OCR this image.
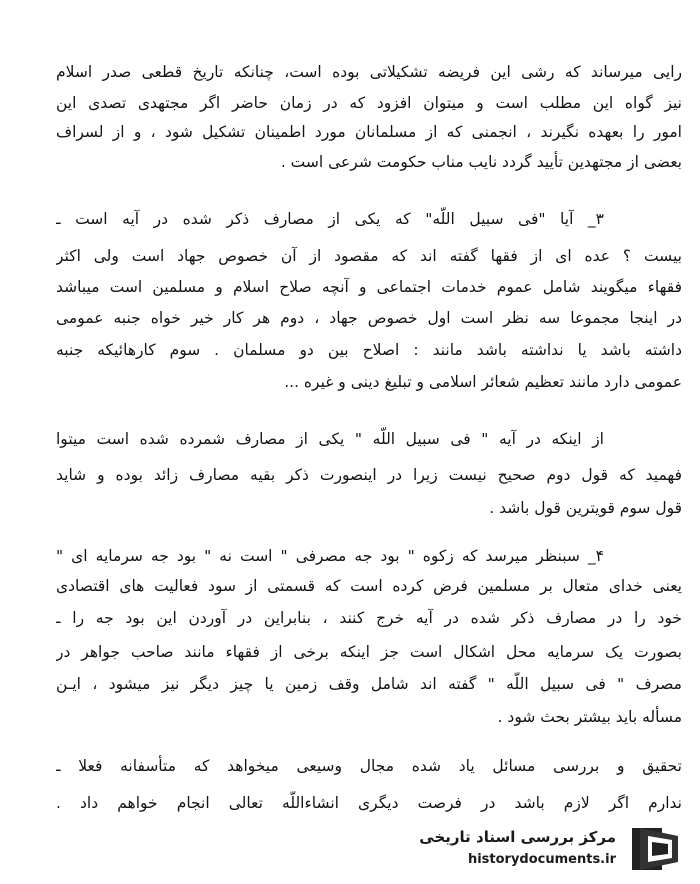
رایی میرساند که رشی این فریضه تشکیلاتی بوده است، چنانکه تاریخ قطعی صدر اسلام
نیز گواه این مطلب است و میتوان افزود که در زمان حاضر اگر مجتهدی تصدی این
امور را بعهده نگیرند ، انجمنی که از مسلمانان مورد اطمینان تشکیل شود ، و از لسراف
بعضی از مجتهدین تأیید گردد نایب مناب حکومت شرعی است .
۳_ آیا "فی سبیل اللّه" که یکی از مصارف ذکر شده در آیه است ـ
بیست ؟ عده ای از فقها گفته اند که مقصود از آن خصوص جهاد است ولی اکثر
فقهاء میگویند شامل عموم خدمات اجتماعی و آنچه صلاح اسلام و مسلمین است میباشد
در اینجا مجموعا سه نظر است اول خصوص جهاد ، دوم هر کار خیر خواه جنبه عمومی
داشته باشد یا نداشته باشد مانند : اصلاح بین دو مسلمان . سوم کارهائیکه جنبه
عمومی دارد مانند تعظیم شعائر اسلامی و تبلیغ دینی و غیره ...
از اینکه در آیه " فی سبیل اللّه " یکی از مصارف شمرده شده است میتوا
فهمید که قول دوم صحیح نیست زیرا در اینصورت ذکر بقیه مصارف زائد بوده و شاید
قول سوم قویترین قول باشد .
۴_ سبنظر میرسد که زکوه " بود جه مصرفی " است نه " بود جه سرمایه ای "
یعنی خدای متعال بر مسلمین فرض کرده است که قسمتی از سود فعالیت های اقتصادی
خود را در مصارف ذکر شده در آیه خرج کنند ، بنابراین در آوردن این بود جه را ـ
بصورت یک سرمایه محل اشکال است جز اینکه برخی از فقهاء مانند صاحب جواهر در
مصرف " فی سبیل اللّه " گفته اند شامل وقف زمین یا چیز دیگر نیز میشود ، ایـن
مسأله باید بیشتر بحث شود .
تحقیق و بررسی مسائل یاد شده مجال وسیعی میخواهد که متأسفانه فعلا ـ
ندارم اگر لازم باشد در فرصت دیگری انشاءاللّه تعالی انجام خواهم داد .
مرکز بررسی اسناد تاریخی
historydocuments.ir
